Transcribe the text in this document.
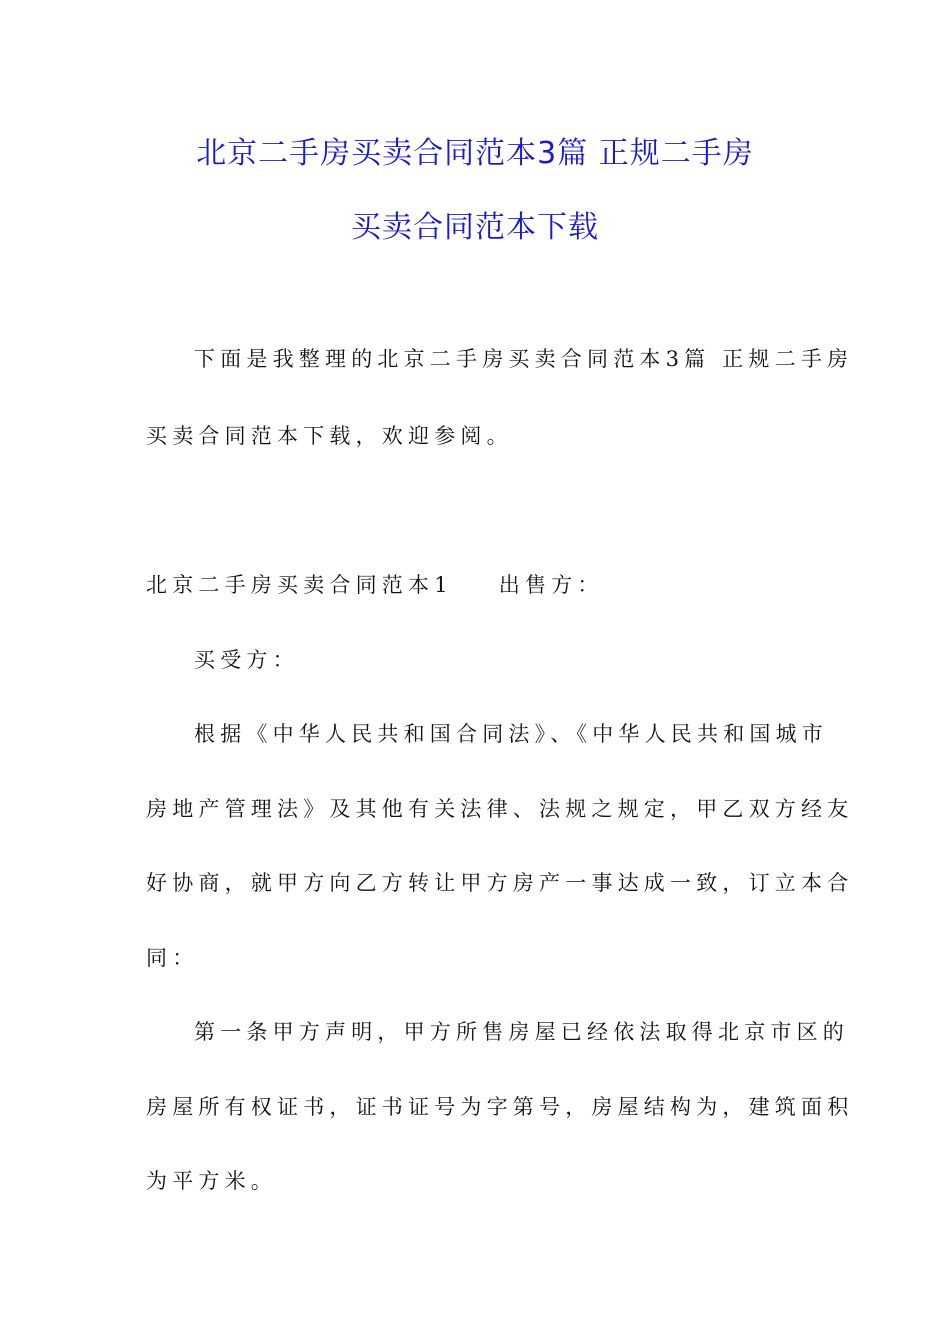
北京二手房买卖合同范本3篇 正规二手房
买卖合同范本下载
下面是我整理的北京二手房买卖合同范本3篇 正规二手房
买卖合同范本下载，欢迎参阅。
北京二手房买卖合同范本1 出售方：
买受方：
根据《中华人民共和国合同法》、《中华人民共和国城市
房地产管理法》及其他有关法律、法规之规定，甲乙双方经友
好协商，就甲方向乙方转让甲方房产一事达成一致，订立本合
同：
第一条甲方声明，甲方所售房屋已经依法取得北京市区的
房屋所有权证书，证书证号为字第号，房屋结构为，建筑面积
为平方米。
